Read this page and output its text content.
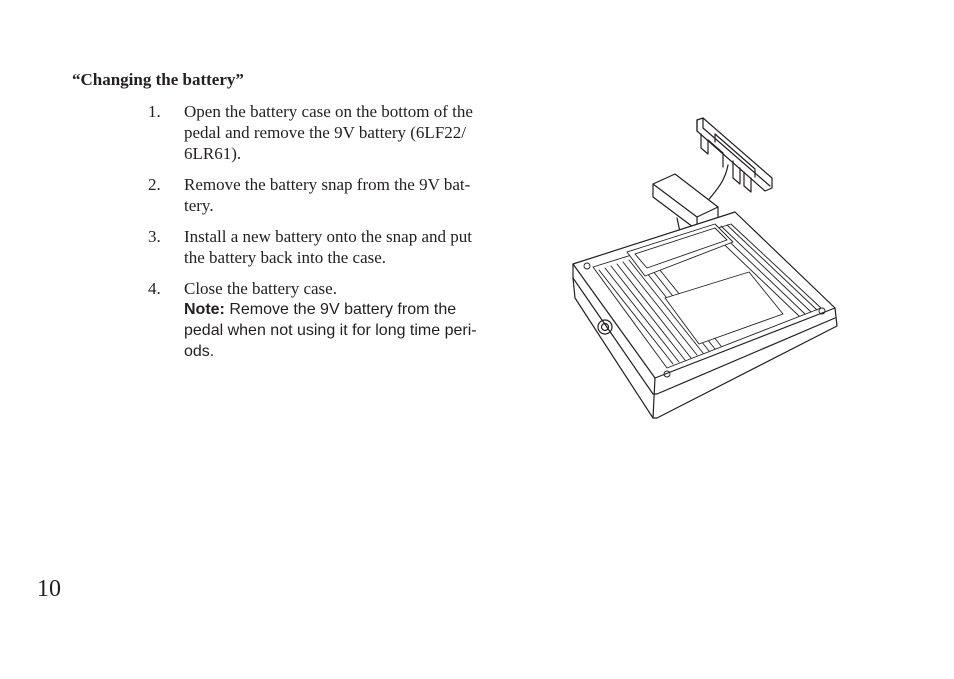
“Changing the battery”
1. Open the battery case on the bottom of the
pedal and remove the 9V battery (6LF22/
6LR61).
2. Remove the battery snap from the 9V bat-
tery.
3. Install a new battery onto the snap and put
the battery back into the case.
4. Close the battery case.
Note: Remove the 9V battery from the
pedal when not using it for long time peri-
ods.
10
